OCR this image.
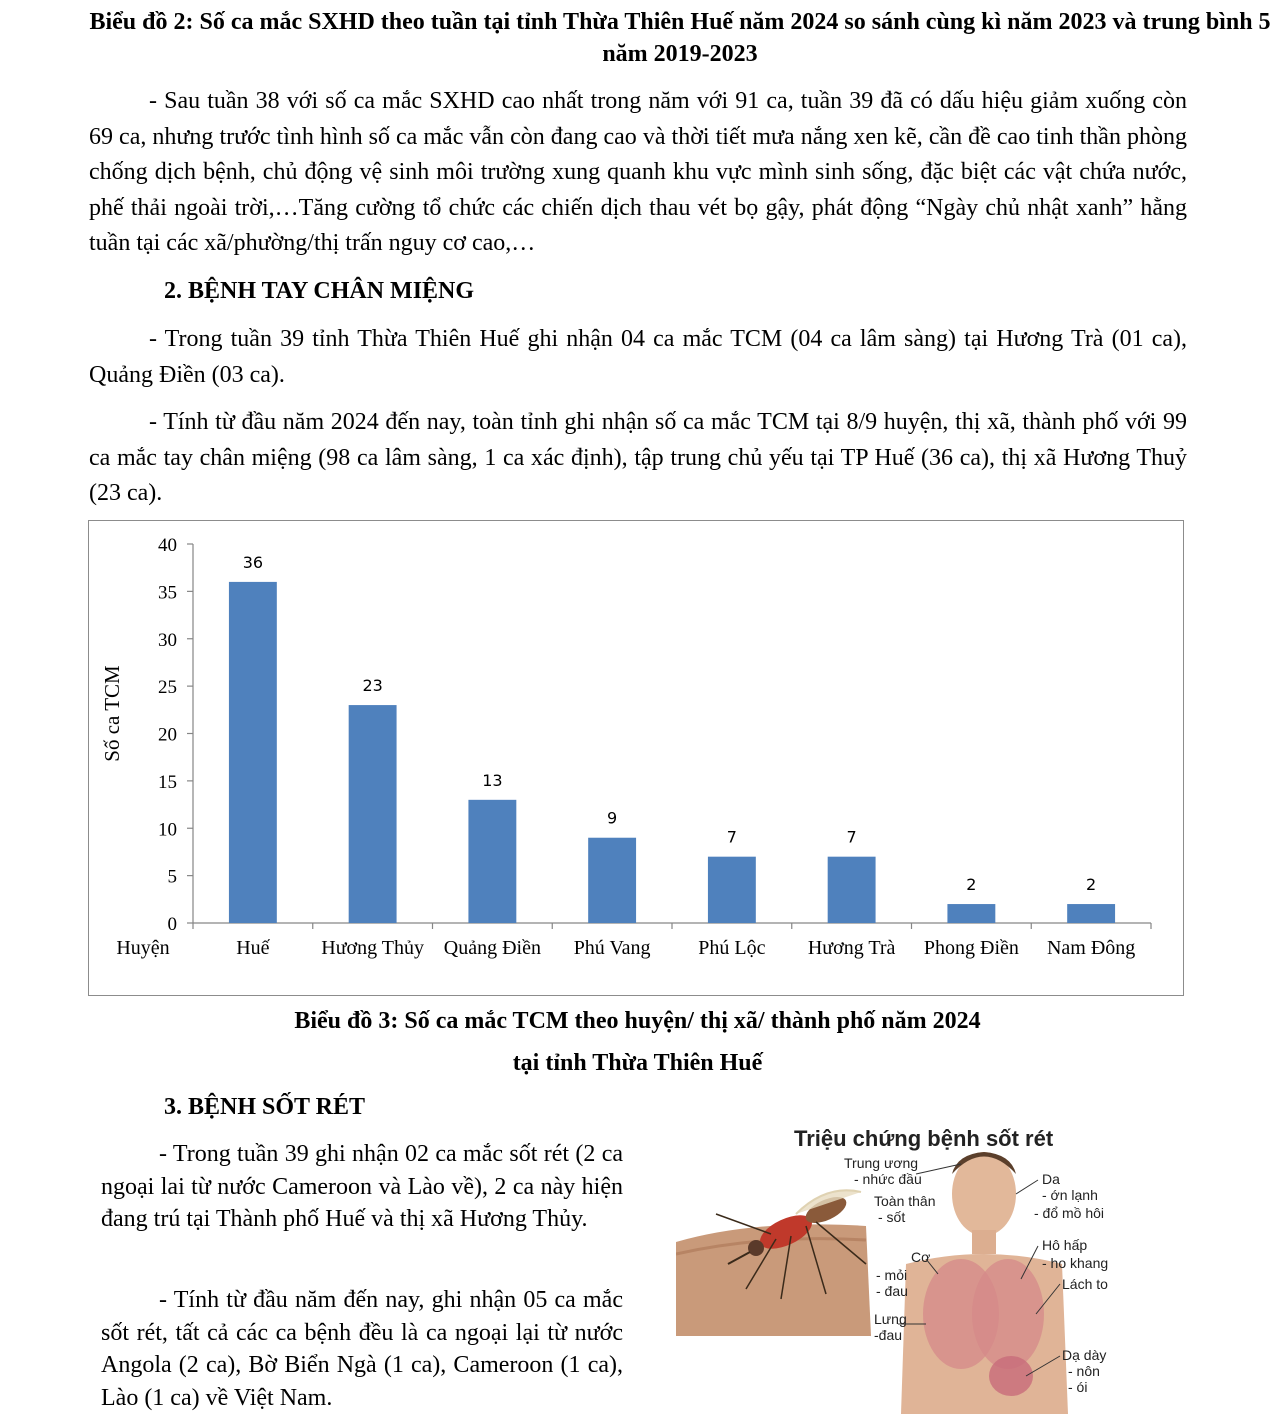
Biểu đồ 2: Số ca mắc SXHD theo tuần tại tỉnh Thừa Thiên Huế năm 2024 so sánh cùng kì năm 2023 và trung bình 5 năm 2019-2023
- Sau tuần 38 với số ca mắc SXHD cao nhất trong năm với 91 ca, tuần 39 đã có dấu hiệu giảm xuống còn 69 ca, nhưng trước tình hình số ca mắc vẫn còn đang cao và thời tiết mưa nắng xen kẽ, cần đề cao tinh thần phòng chống dịch bệnh, chủ động vệ sinh môi trường xung quanh khu vực mình sinh sống, đặc biệt các vật chứa nước, phế thải ngoài trời,…Tăng cường tổ chức các chiến dịch thau vét bọ gậy, phát động “Ngày chủ nhật xanh” hằng tuần tại các xã/phường/thị trấn nguy cơ cao,…
2. BỆNH TAY CHÂN MIỆNG
- Trong tuần 39 tỉnh Thừa Thiên Huế ghi nhận 04 ca mắc TCM (04 ca lâm sàng) tại Hương Trà (01 ca), Quảng Điền (03 ca).
- Tính từ đầu năm 2024 đến nay, toàn tỉnh ghi nhận số ca mắc TCM tại 8/9 huyện, thị xã, thành phố với 99 ca mắc tay chân miệng (98 ca lâm sàng, 1 ca xác định), tập trung chủ yếu tại TP Huế (36 ca), thị xã Hương Thuỷ (23 ca).
0
5
10
15
20
25
30
35
40
Số ca TCM
Huyện
36
Huế
23
Hương Thủy
13
Quảng Điền
9
Phú Vang
7
Phú Lộc
7
Hương Trà
2
Phong Điền
2
Nam Đông
Biểu đồ 3: Số ca mắc TCM theo huyện/ thị xã/ thành phố năm 2024
tại tỉnh Thừa Thiên Huế
3. BỆNH SỐT RÉT
- Trong tuần 39 ghi nhận 02 ca mắc sốt rét (2 ca ngoại lai từ nước Cameroon và Lào về), 2 ca này hiện đang trú tại Thành phố Huế và thị xã Hương Thủy.
- Tính từ đầu năm đến nay, ghi nhận 05 ca mắc sốt rét, tất cả các ca bệnh đều là ca ngoại lại từ nước Angola (2 ca), Bờ Biển Ngà (1 ca), Cameroon (1 ca), Lào (1 ca) về Việt Nam.
Triệu chứng bệnh sốt rét
Trung ương
- nhức đầu
Toàn thân
- sốt
Cơ
- mỏi
- đau
Lưng
-đau
Da
- ớn lạnh
- đổ mồ hôi
Hô hấp
- ho khang
Lách to
Dạ dày
- nôn
- ói
